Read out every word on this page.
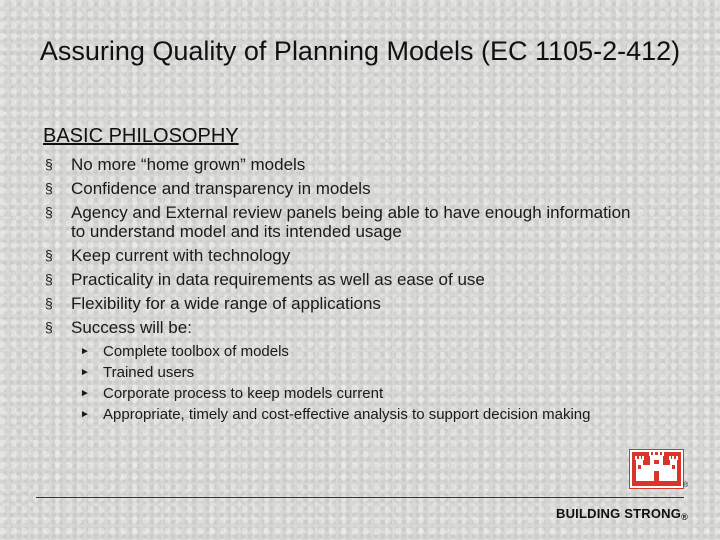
Assuring Quality of Planning Models (EC 1105-2-412)
BASIC PHILOSOPHY
§ No more “home grown” models
§ Confidence and transparency in models
§ Agency and External review panels being able to have enough information to understand model and its intended usage
§ Keep current with technology
§ Practicality in data requirements as well as ease of use
§ Flexibility for a wide range of applications
§ Success will be:
► Complete toolbox of models
► Trained users
► Corporate process to keep models current
► Appropriate, timely and cost-effective analysis to support decision making
®
BUILDING STRONG®
